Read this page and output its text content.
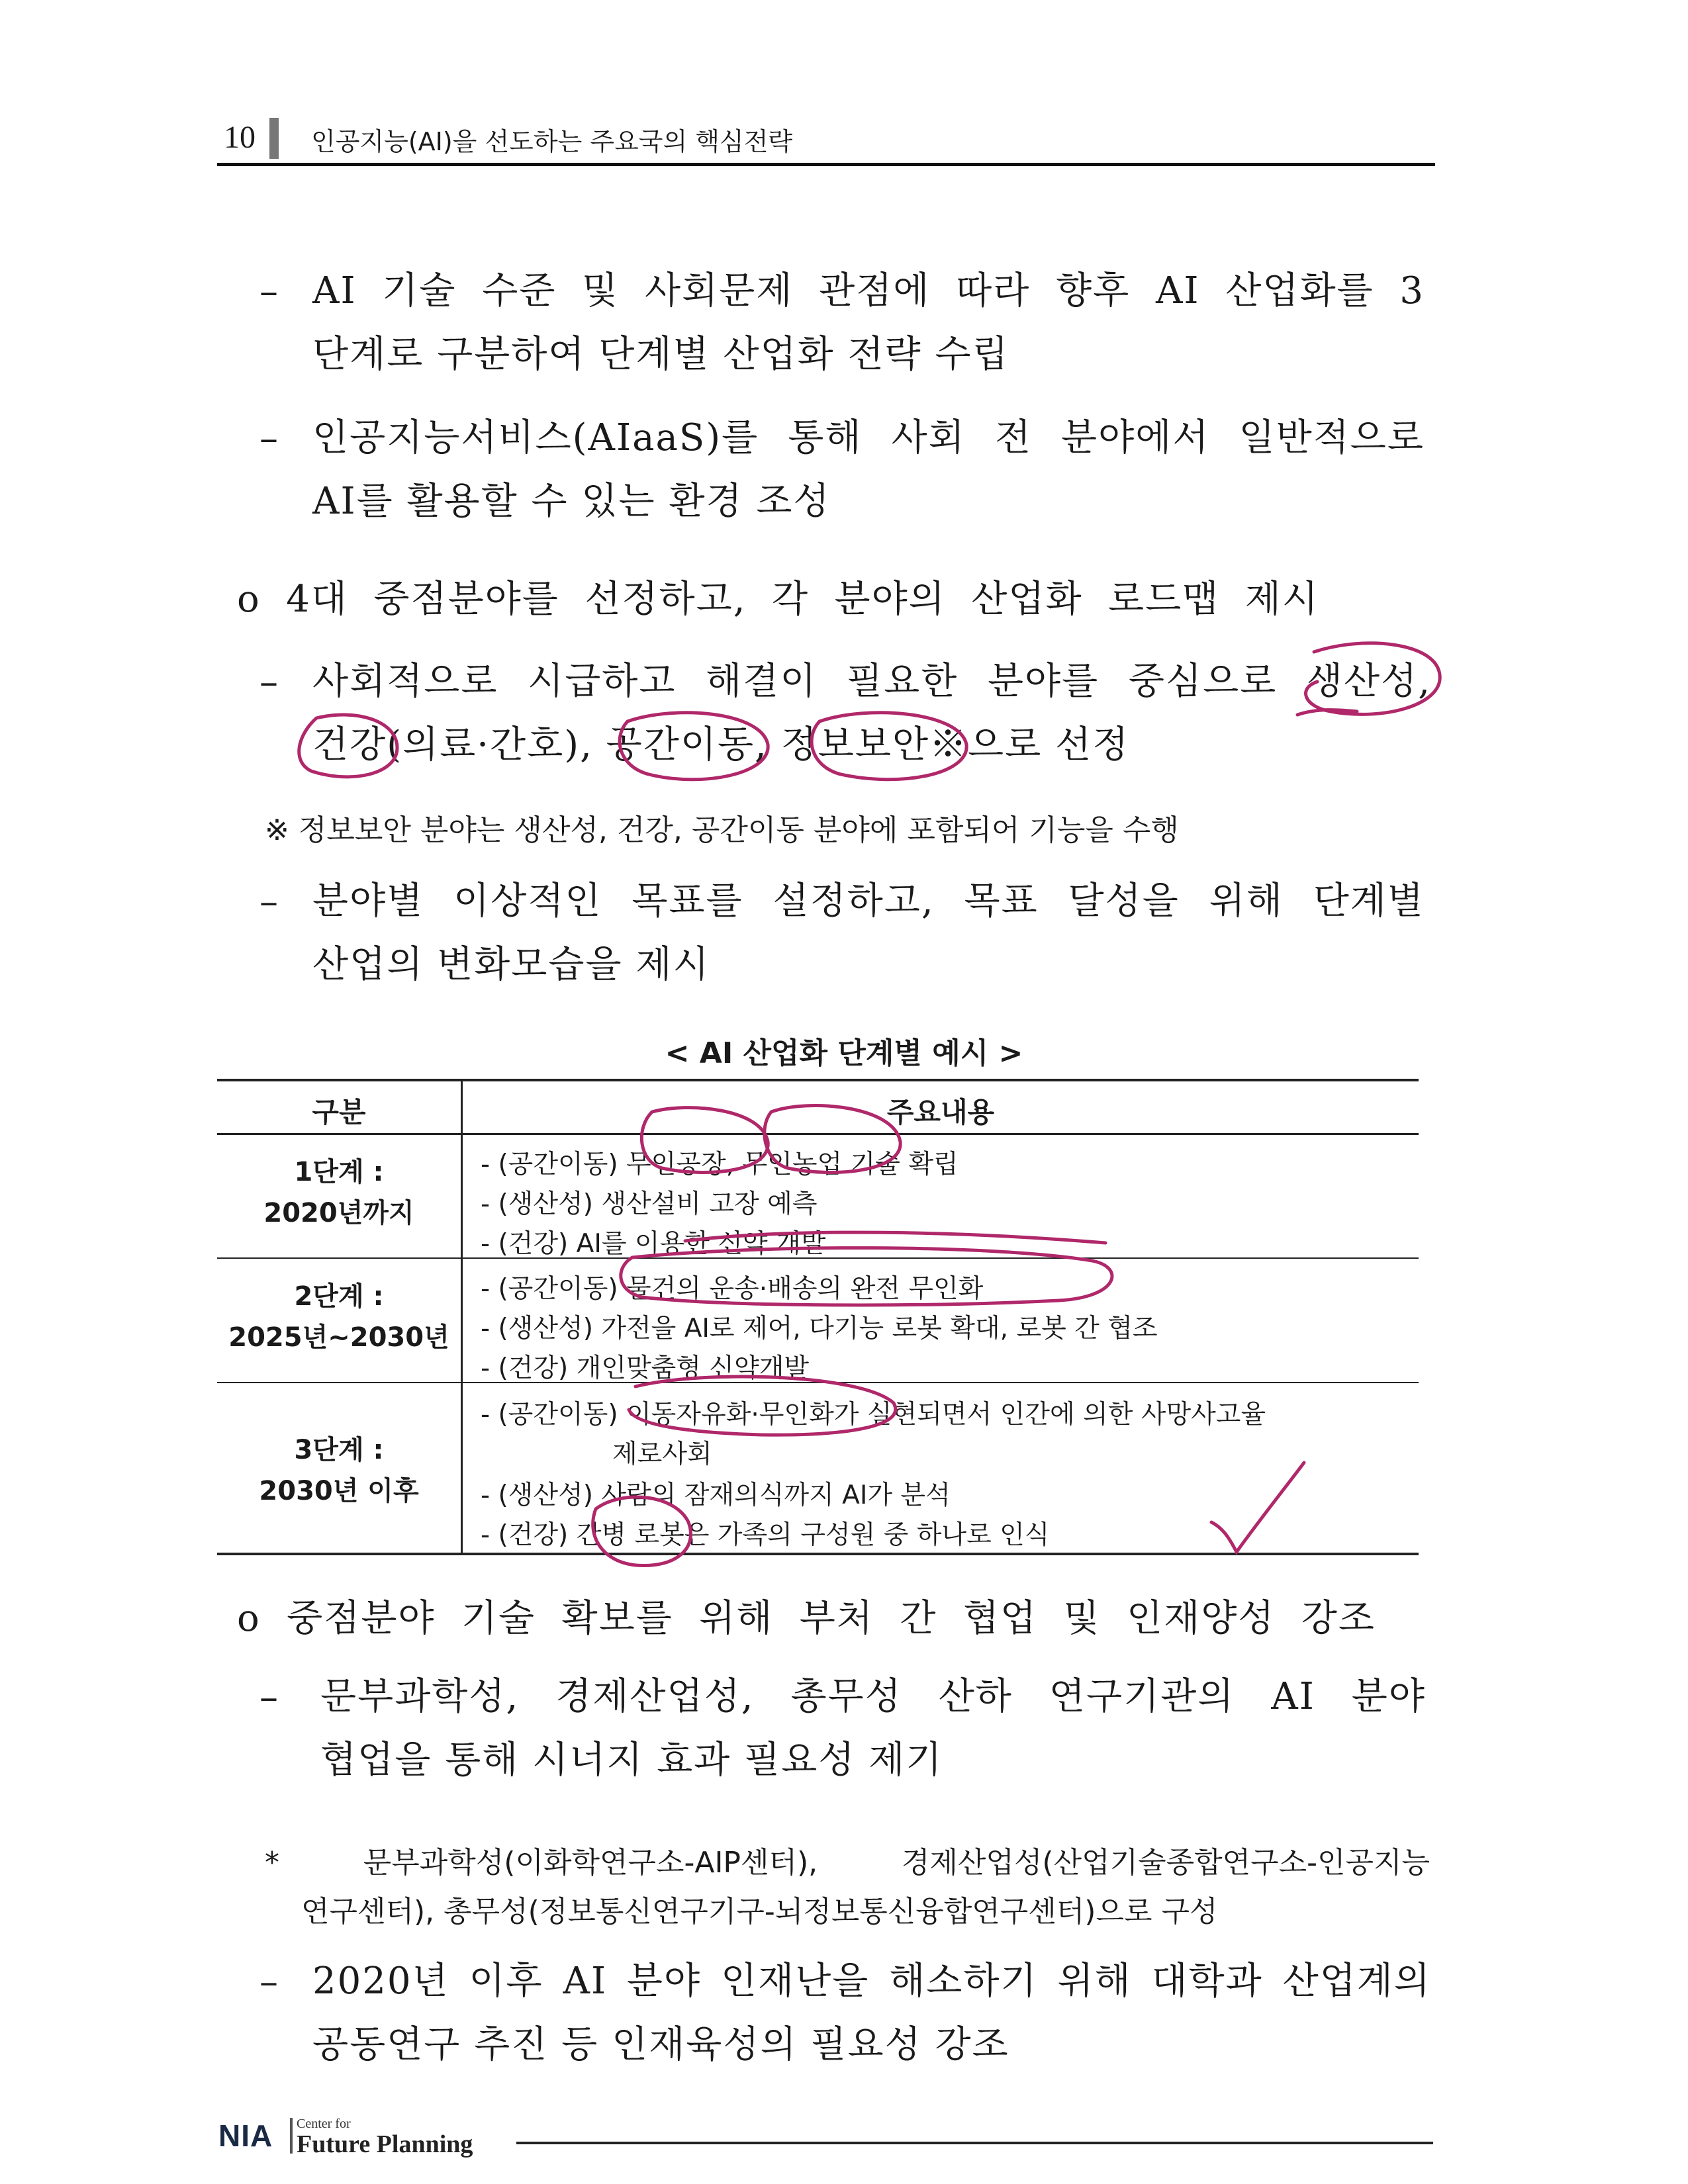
10 인공지능(AI)을 선도하는 주요국의 핵심전략
– AI 기술 수준 및 사회문제 관점에 따라 향후 AI 산업화를 3
단계로 구분하여 단계별 산업화 전략 수립
– 인공지능서비스(AIaaS)를 통해 사회 전 분야에서 일반적으로
AI를 활용할 수 있는 환경 조성
o 4대 중점분야를 선정하고, 각 분야의 산업화 로드맵 제시
– 사회적으로 시급하고 해결이 필요한 분야를 중심으로 생산성,
건강(의료·간호), 공간이동, 정보보안※으로 선정
※ 정보보안 분야는 생산성, 건강, 공간이동 분야에 포함되어 기능을 수행
– 분야별 이상적인 목표를 설정하고, 목표 달성을 위해 단계별
산업의 변화모습을 제시
< AI 산업화 단계별 예시 >
구분	주요내용
1단계 :
2020년까지
- (공간이동) 무인공장, 무인농업 기술 확립
- (생산성) 생산설비 고장 예측
- (건강) AI를 이용한 신약 개발
2단계 :
2025년~2030년
- (공간이동) 물건의 운송·배송의 완전 무인화
- (생산성) 가전을 AI로 제어, 다기능 로봇 확대, 로봇 간 협조
- (건강) 개인맞춤형 신약개발
3단계 :
2030년 이후
- (공간이동) 이동자유화·무인화가 실현되면서 인간에 의한 사망사고율
제로사회
- (생산성) 사람의 잠재의식까지 AI가 분석
- (건강) 간병 로봇은 가족의 구성원 중 하나로 인식
o 중점분야 기술 확보를 위해 부처 간 협업 및 인재양성 강조
– 문부과학성, 경제산업성, 총무성 산하 연구기관의 AI 분야
협업을 통해 시너지 효과 필요성 제기
* 문부과학성(이화학연구소-AIP센터), 경제산업성(산업기술종합연구소-인공지능
연구센터), 총무성(정보통신연구기구-뇌정보통신융합연구센터)으로 구성
– 2020년 이후 AI 분야 인재난을 해소하기 위해 대학과 산업계의
공동연구 추진 등 인재육성의 필요성 강조
NIA Center for
Future Planning
